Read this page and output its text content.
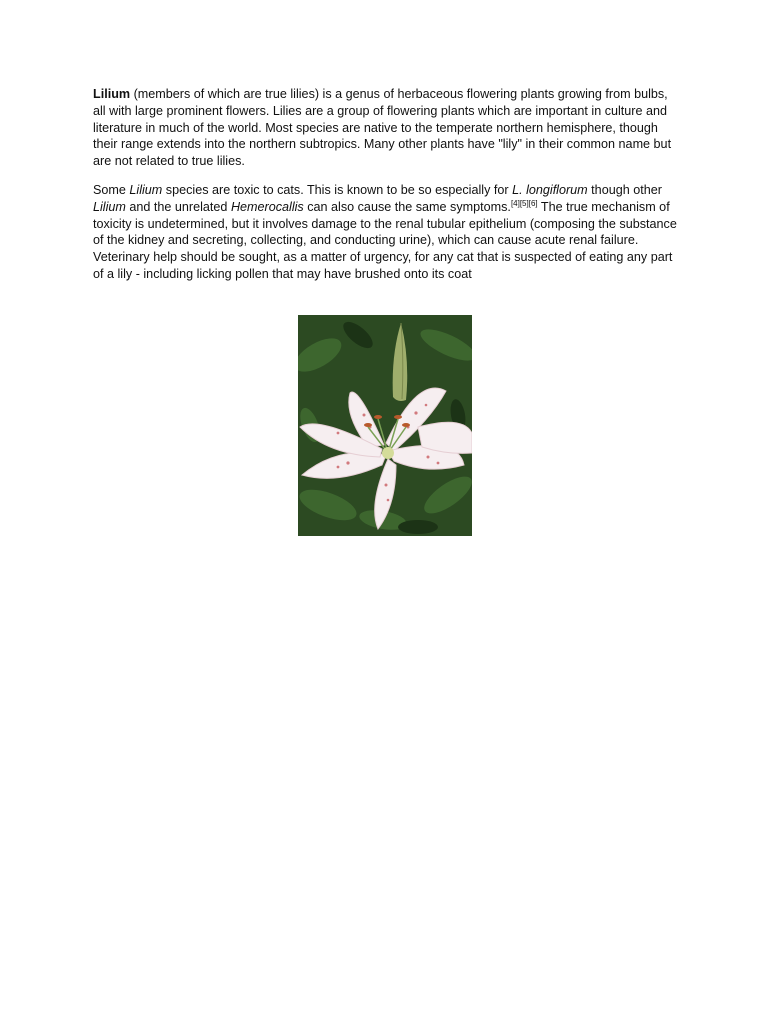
Lilium (members of which are true lilies) is a genus of herbaceous flowering plants growing from bulbs, all with large prominent flowers. Lilies are a group of flowering plants which are important in culture and literature in much of the world. Most species are native to the temperate northern hemisphere, though their range extends into the northern subtropics. Many other plants have "lily" in their common name but are not related to true lilies.

Some Lilium species are toxic to cats. This is known to be so especially for L. longiflorum though other Lilium and the unrelated Hemerocallis can also cause the same symptoms.[4][5][6] The true mechanism of toxicity is undetermined, but it involves damage to the renal tubular epithelium (composing the substance of the kidney and secreting, collecting, and conducting urine), which can cause acute renal failure. Veterinary help should be sought, as a matter of urgency, for any cat that is suspected of eating any part of a lily - including licking pollen that may have brushed onto its coat
